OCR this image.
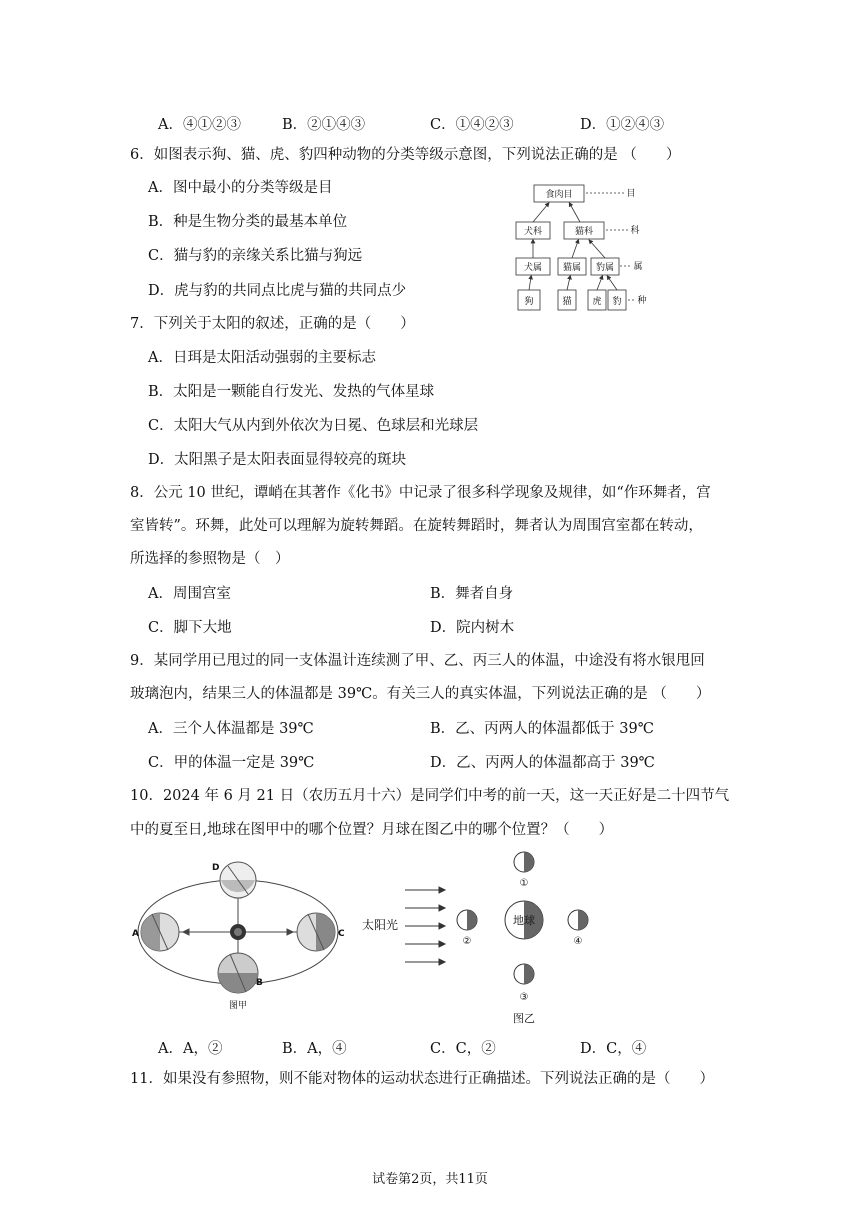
A．④①②③	B．②①④③	C．①④②③	D．①②④③
6．如图表示狗、猫、虎、豹四种动物的分类等级示意图，下列说法正确的是 （　　）
A．图中最小的分类等级是目
B．种是生物分类的最基本单位
C．猫与豹的亲缘关系比猫与狗远
D．虎与豹的共同点比虎与猫的共同点少
食肉目
犬科	猫科
犬属 猫属 豹属
狗	猫 虎 豹
目
科
属
种
7．下列关于太阳的叙述，正确的是（　　）
A．日珥是太阳活动强弱的主要标志
B．太阳是一颗能自行发光、发热的气体星球
C．太阳大气从内到外依次为日冕、色球层和光球层
D．太阳黑子是太阳表面显得较亮的斑块
8．公元 10 世纪，谭峭在其著作《化书》中记录了很多科学现象及规律，如“作环舞者，宫
室皆转”。环舞，此处可以理解为旋转舞蹈。在旋转舞蹈时，舞者认为周围宫室都在转动，
所选择的参照物是（　）
A．周围宫室	B．舞者自身
C．脚下大地	D．院内树木
9．某同学用已甩过的同一支体温计连续测了甲、乙、丙三人的体温，中途没有将水银甩回
玻璃泡内，结果三人的体温都是 39℃。有关三人的真实体温，下列说法正确的是 （　　）
A．三个人体温都是 39℃	B．乙、丙两人的体温都低于 39℃
C．甲的体温一定是 39℃	D．乙、丙两人的体温都高于 39℃
10．2024 年 6 月 21 日（农历五月十六）是同学们中考的前一天，这一天正好是二十四节气
中的夏至日,地球在图甲中的哪个位置？月球在图乙中的哪个位置？（　　）
A
B
C
D
图甲
太阳光	地球
①
②	④
③
图乙
A．A，②	B．A，④	C．C，②	D．C，④
11．如果没有参照物，则不能对物体的运动状态进行正确描述。下列说法正确的是（　　）
试卷第2页，共11页
